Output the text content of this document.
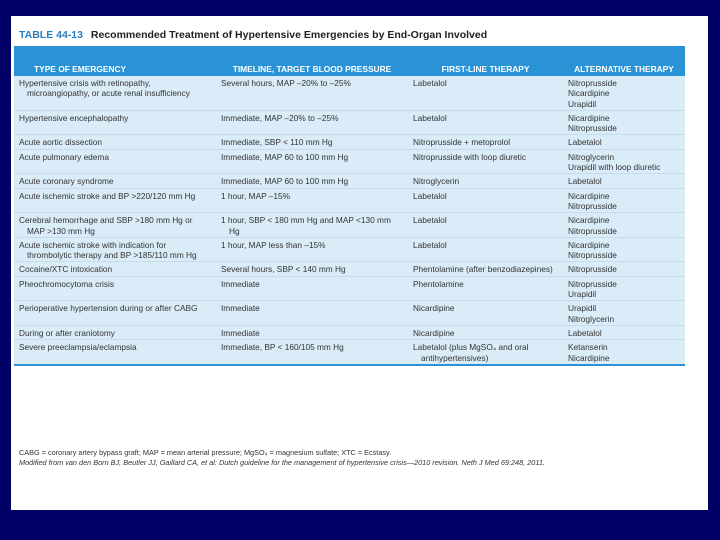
TABLE 44-13 Recommended Treatment of Hypertensive Emergencies by End-Organ Involved
TYPE OF EMERGENCY	TIMELINE, TARGET BLOOD PRESSURE	FIRST-LINE THERAPY	ALTERNATIVE THERAPY

Hypertensive crisis with retinopathy, microangiopathy, or acute renal insufficiency	Several hours, MAP –20% to –25%	Labetalol	Nitroprusside
Nicardipine
Urapidil

Hypertensive encephalopathy	Immediate, MAP –20% to –25%	Labetalol	Nicardipine
Nitroprusside

Acute aortic dissection	Immediate, SBP < 110 mm Hg	Nitroprusside + metoprolol	Labetalol

Acute pulmonary edema	Immediate, MAP 60 to 100 mm Hg	Nitroprusside with loop diuretic	Nitroglycerin
Urapidil with loop diuretic

Acute coronary syndrome	Immediate, MAP 60 to 100 mm Hg	Nitroglycerin	Labetalol

Acute ischemic stroke and BP >220/120 mm Hg	1 hour, MAP –15%	Labetalol	Nicardipine
Nitroprusside

Cerebral hemorrhage and SBP >180 mm Hg or MAP >130 mm Hg	1 hour, SBP < 180 mm Hg and MAP <130 mm Hg	Labetalol	Nicardipine
Nitroprusside

Acute ischemic stroke with indication for thrombolytic therapy and BP >185/110 mm Hg	1 hour, MAP less than –15%	Labetalol	Nicardipine
Nitroprusside

Cocaine/XTC intoxication	Several hours, SBP < 140 mm Hg	Phentolamine (after benzodiazepines)	Nitroprusside

Pheochromocytoma crisis	Immediate	Phentolamine	Nitroprusside
Urapidil

Perioperative hypertension during or after CABG	Immediate	Nicardipine	Urapidil
Nitroglycerin

During or after craniotomy	Immediate	Nicardipine	Labetalol

Severe preeclampsia/eclampsia	Immediate, BP < 160/105 mm Hg	Labetalol (plus MgSO₄ and oral antihypertensives)	Ketanserin
Nicardipine
CABG = coronary artery bypass graft; MAP = mean arterial pressure; MgSO₄ = magnesium sulfate; XTC = Ecstasy.
Modified from van den Born BJ, Beutler JJ, Gaillard CA, et al: Dutch guideline for the management of hypertensive crisis—2010 revision. Neth J Med 69:248, 2011.
